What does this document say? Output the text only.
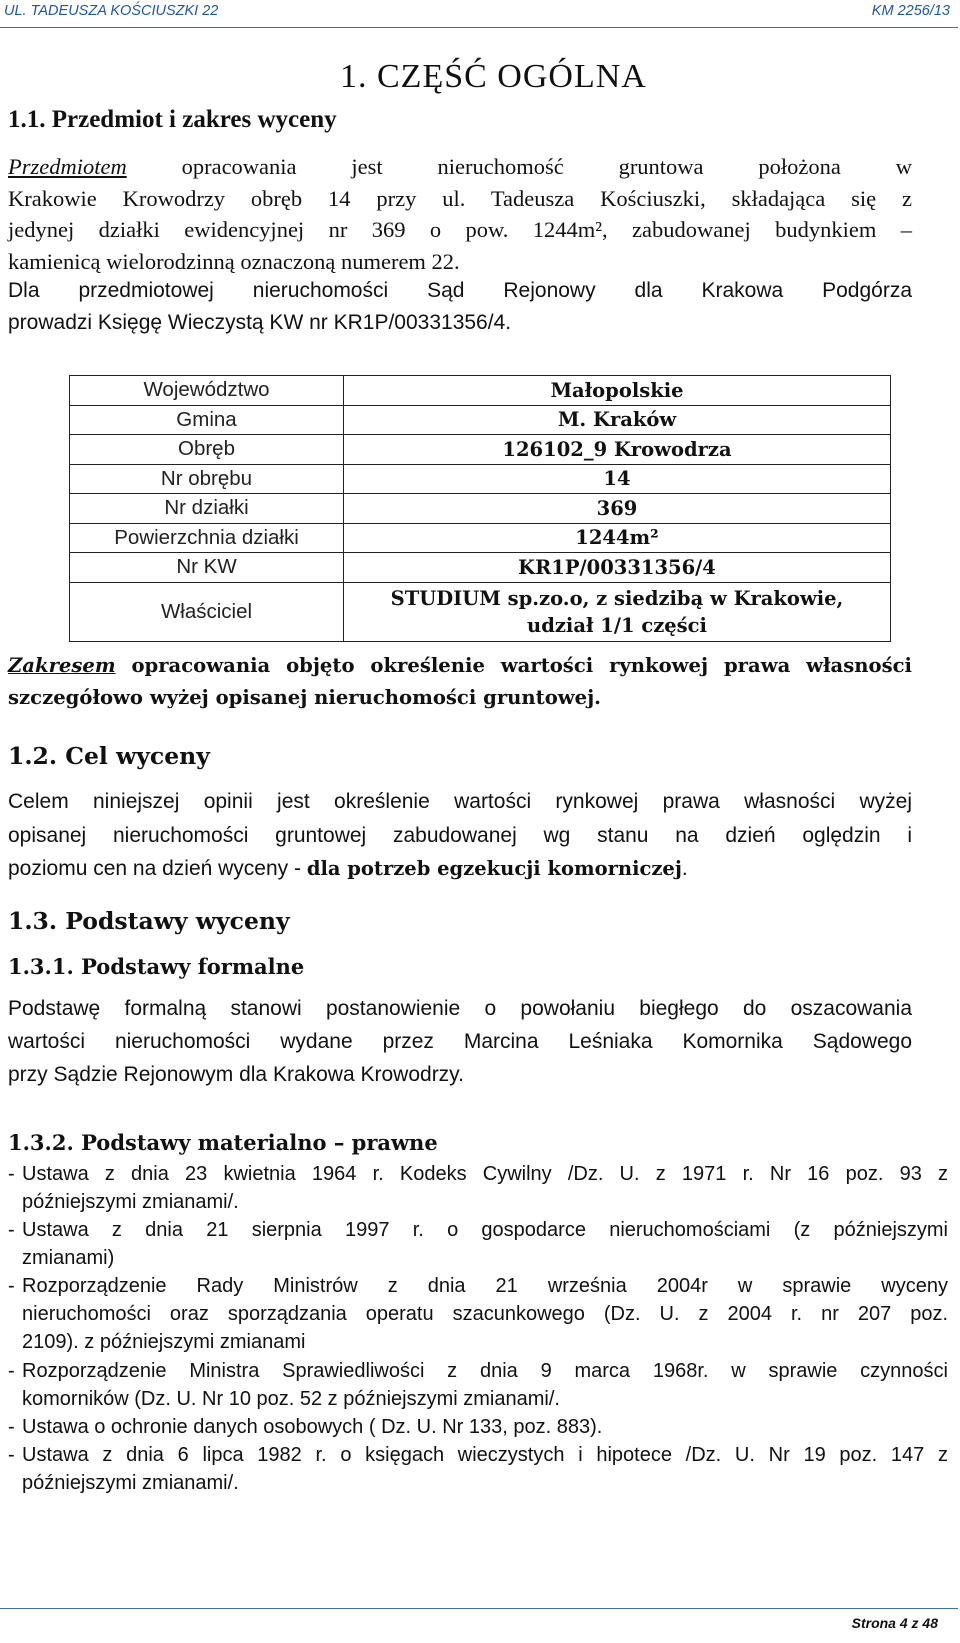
UL. TADEUSZA KOŚCIUSZKI 22	KM 2256/13
1. CZĘŚĆ OGÓLNA
1.1. Przedmiot i zakres wyceny
Przedmiotem opracowania jest nieruchomość gruntowa położona w
Krakowie Krowodrzy obręb 14 przy ul. Tadeusza Kościuszki, składająca się z
jedynej działki ewidencyjnej nr 369 o pow. 1244m², zabudowanej budynkiem –
kamienicą wielorodzinną oznaczoną numerem 22.
Dla przedmiotowej nieruchomości Sąd Rejonowy dla Krakowa Podgórza
prowadzi Księgę Wieczystą KW nr KR1P/00331356/4.
Województwo	Małopolskie
Gmina	M. Kraków
Obręb	126102_9 Krowodrza
Nr obrębu	14
Nr działki	369
Powierzchnia działki	1244m²
Nr KW	KR1P/00331356/4
Właściciel	STUDIUM sp.zo.o, z siedzibą w Krakowie,
udział 1/1 części
Zakresem opracowania objęto określenie wartości rynkowej prawa własności
szczegółowo wyżej opisanej nieruchomości gruntowej.
1.2. Cel wyceny
Celem niniejszej opinii jest określenie wartości rynkowej prawa własności wyżej
opisanej nieruchomości gruntowej zabudowanej wg stanu na dzień oględzin i
poziomu cen na dzień wyceny - dla potrzeb egzekucji komorniczej.
1.3. Podstawy wyceny
1.3.1. Podstawy formalne
Podstawę formalną stanowi postanowienie o powołaniu biegłego do oszacowania
wartości nieruchomości wydane przez Marcina Leśniaka Komornika Sądowego
przy Sądzie Rejonowym dla Krakowa Krowodrzy.
1.3.2. Podstawy materialno – prawne
- Ustawa z dnia 23 kwietnia 1964 r. Kodeks Cywilny /Dz. U. z 1971 r. Nr 16 poz. 93 z
późniejszymi zmianami/.
- Ustawa z dnia 21 sierpnia 1997 r. o gospodarce nieruchomościami (z późniejszymi
zmianami)
- Rozporządzenie Rady Ministrów z dnia 21 września 2004r w sprawie wyceny
nieruchomości oraz sporządzania operatu szacunkowego (Dz. U. z 2004 r. nr 207 poz.
2109). z późniejszymi zmianami
- Rozporządzenie Ministra Sprawiedliwości z dnia 9 marca 1968r. w sprawie czynności
komorników (Dz. U. Nr 10 poz. 52 z późniejszymi zmianami/.
- Ustawa o ochronie danych osobowych ( Dz. U. Nr 133, poz. 883).
- Ustawa z dnia 6 lipca 1982 r. o księgach wieczystych i hipotece /Dz. U. Nr 19 poz. 147 z
późniejszymi zmianami/.
Strona 4 z 48
